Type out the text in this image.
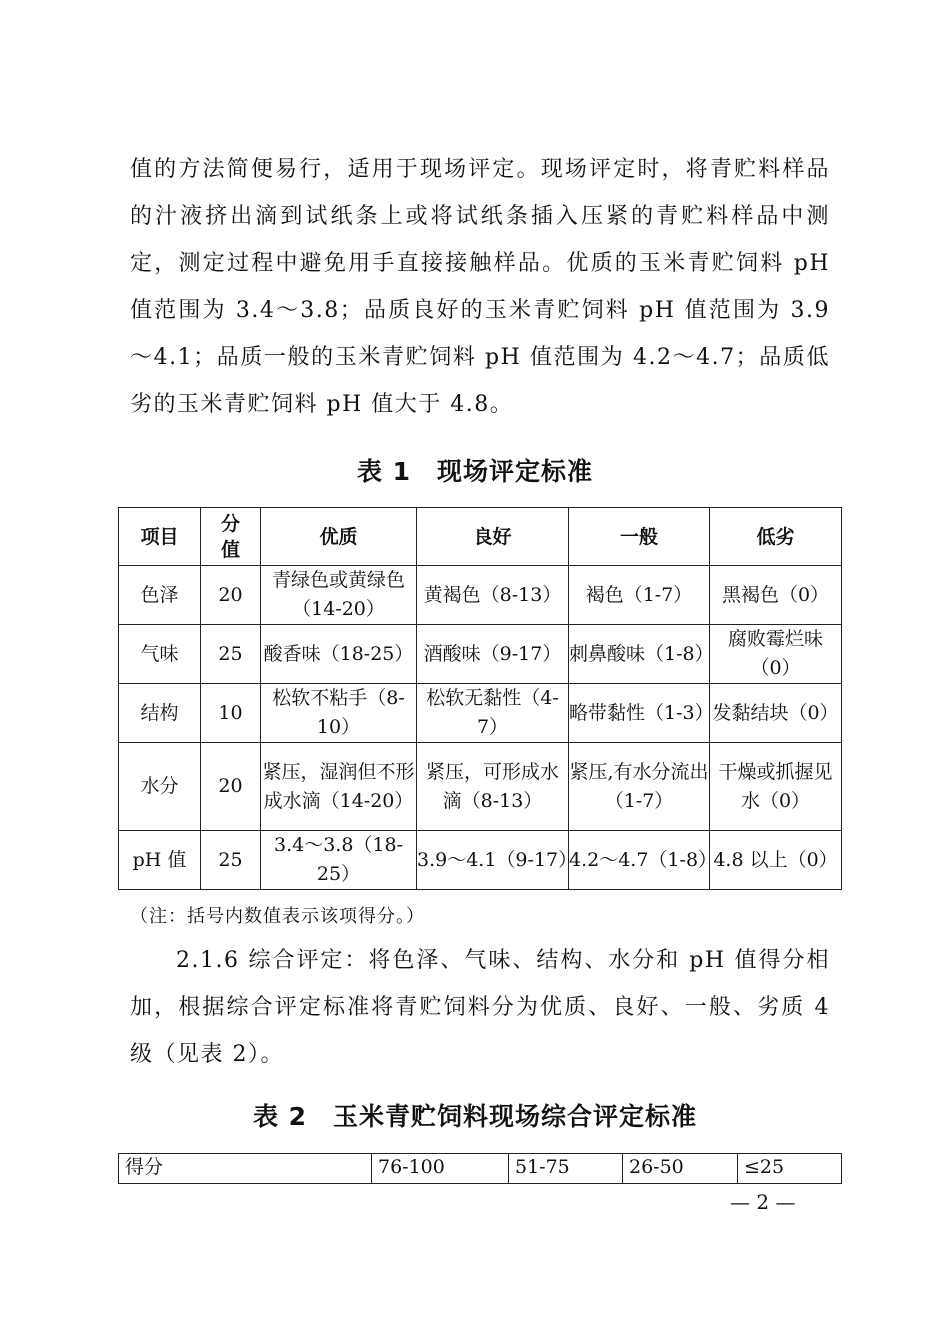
值的方法简便易行，适用于现场评定。现场评定时，将青贮料样品的汁液挤出滴到试纸条上或将试纸条插入压紧的青贮料样品中测定，测定过程中避免用手直接接触样品。优质的玉米青贮饲料 pH 值范围为 3.4～3.8；品质良好的玉米青贮饲料 pH 值范围为 3.9～4.1；品质一般的玉米青贮饲料 pH 值范围为 4.2～4.7；品质低劣的玉米青贮饲料 pH 值大于 4.8。
表 1　现场评定标准
项目	分值	优质	良好	一般	低劣
色泽	20	青绿色或黄绿色（14-20）	黄褐色（8-13）	褐色（1-7）	黑褐色（0）
气味	25	酸香味（18-25）	酒酸味（9-17）	刺鼻酸味（1-8）	腐败霉烂味（0）
结构	10	松软不粘手（8-10）	松软无黏性（4-7）	略带黏性（1-3）	发黏结块（0）
水分	20	紧压，湿润但不形成水滴（14-20）	紧压，可形成水滴（8-13）	紧压,有水分流出（1-7）	干燥或抓握见水（0）
pH 值	25	3.4～3.8（18-25）	3.9～4.1（9-17）	4.2～4.7（1-8）	4.8 以上（0）
（注：括号内数值表示该项得分。）
2.1.6 综合评定：将色泽、气味、结构、水分和 pH 值得分相加，根据综合评定标准将青贮饲料分为优质、良好、一般、劣质 4 级（见表 2）。
表 2　玉米青贮饲料现场综合评定标准
得分	76-100	51-75	26-50	≤25
— 2 —
